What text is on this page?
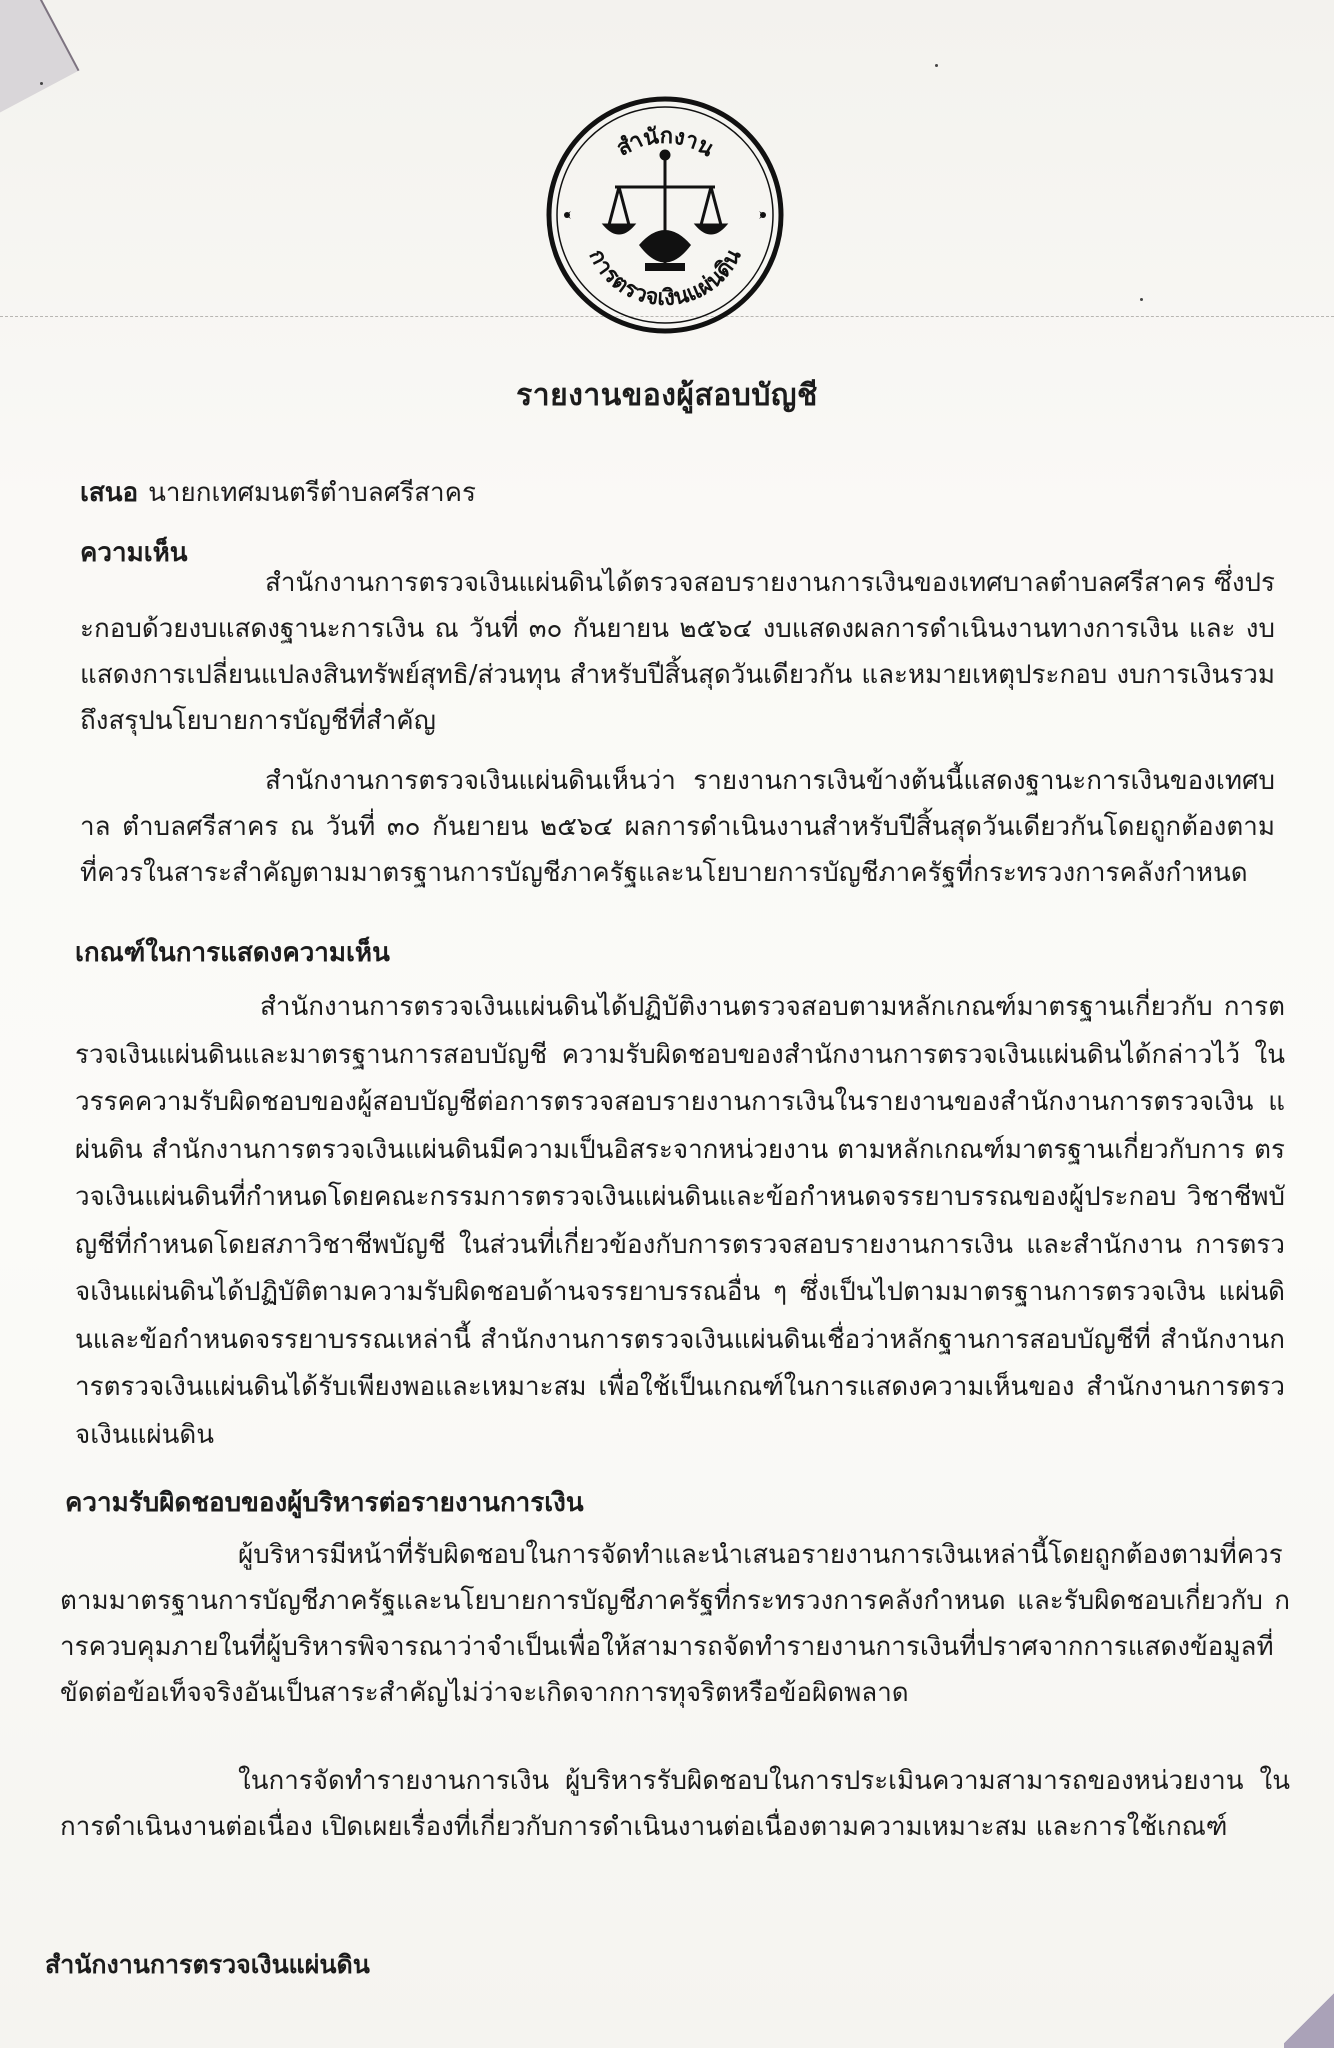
สำนักงาน
การตรวจเงินแผ่นดิน
รายงานของผู้สอบบัญชี
เสนอ นายกเทศมนตรีตำบลศรีสาคร
ความเห็น
สำนักงานการตรวจเงินแผ่นดินได้ตรวจสอบรายงานการเงินของเทศบาลตำบลศรีสาคร ซึ่งประกอบด้วยงบแสดงฐานะการเงิน ณ วันที่ ๓๐ กันยายน ๒๕๖๔ งบแสดงผลการดำเนินงานทางการเงิน และ งบแสดงการเปลี่ยนแปลงสินทรัพย์สุทธิ/ส่วนทุน สำหรับปีสิ้นสุดวันเดียวกัน และหมายเหตุประกอบ งบการเงินรวมถึงสรุปนโยบายการบัญชีที่สำคัญ
สำนักงานการตรวจเงินแผ่นดินเห็นว่า รายงานการเงินข้างต้นนี้แสดงฐานะการเงินของเทศบาล ตำบลศรีสาคร ณ วันที่ ๓๐ กันยายน ๒๕๖๔ ผลการดำเนินงานสำหรับปีสิ้นสุดวันเดียวกันโดยถูกต้องตาม ที่ควรในสาระสำคัญตามมาตรฐานการบัญชีภาครัฐและนโยบายการบัญชีภาครัฐที่กระทรวงการคลังกำหนด
เกณฑ์ในการแสดงความเห็น
สำนักงานการตรวจเงินแผ่นดินได้ปฏิบัติงานตรวจสอบตามหลักเกณฑ์มาตรฐานเกี่ยวกับ การตรวจเงินแผ่นดินและมาตรฐานการสอบบัญชี ความรับผิดชอบของสำนักงานการตรวจเงินแผ่นดินได้กล่าวไว้ ในวรรคความรับผิดชอบของผู้สอบบัญชีต่อการตรวจสอบรายงานการเงินในรายงานของสำนักงานการตรวจเงิน แผ่นดิน สำนักงานการตรวจเงินแผ่นดินมีความเป็นอิสระจากหน่วยงาน ตามหลักเกณฑ์มาตรฐานเกี่ยวกับการ ตรวจเงินแผ่นดินที่กำหนดโดยคณะกรรมการตรวจเงินแผ่นดินและข้อกำหนดจรรยาบรรณของผู้ประกอบ วิชาชีพบัญชีที่กำหนดโดยสภาวิชาชีพบัญชี ในส่วนที่เกี่ยวข้องกับการตรวจสอบรายงานการเงิน และสำนักงาน การตรวจเงินแผ่นดินได้ปฏิบัติตามความรับผิดชอบด้านจรรยาบรรณอื่น ๆ ซึ่งเป็นไปตามมาตรฐานการตรวจเงิน แผ่นดินและข้อกำหนดจรรยาบรรณเหล่านี้ สำนักงานการตรวจเงินแผ่นดินเชื่อว่าหลักฐานการสอบบัญชีที่ สำนักงานการตรวจเงินแผ่นดินได้รับเพียงพอและเหมาะสม เพื่อใช้เป็นเกณฑ์ในการแสดงความเห็นของ สำนักงานการตรวจเงินแผ่นดิน
ความรับผิดชอบของผู้บริหารต่อรายงานการเงิน
ผู้บริหารมีหน้าที่รับผิดชอบในการจัดทำและนำเสนอรายงานการเงินเหล่านี้โดยถูกต้องตามที่ควร ตามมาตรฐานการบัญชีภาครัฐและนโยบายการบัญชีภาครัฐที่กระทรวงการคลังกำหนด และรับผิดชอบเกี่ยวกับ การควบคุมภายในที่ผู้บริหารพิจารณาว่าจำเป็นเพื่อให้สามารถจัดทำรายงานการเงินที่ปราศจากการแสดงข้อมูลที่ ขัดต่อข้อเท็จจริงอันเป็นสาระสำคัญไม่ว่าจะเกิดจากการทุจริตหรือข้อผิดพลาด
ในการจัดทำรายงานการเงิน ผู้บริหารรับผิดชอบในการประเมินความสามารถของหน่วยงาน ในการดำเนินงานต่อเนื่อง เปิดเผยเรื่องที่เกี่ยวกับการดำเนินงานต่อเนื่องตามความเหมาะสม และการใช้เกณฑ์
สำนักงานการตรวจเงินแผ่นดิน
